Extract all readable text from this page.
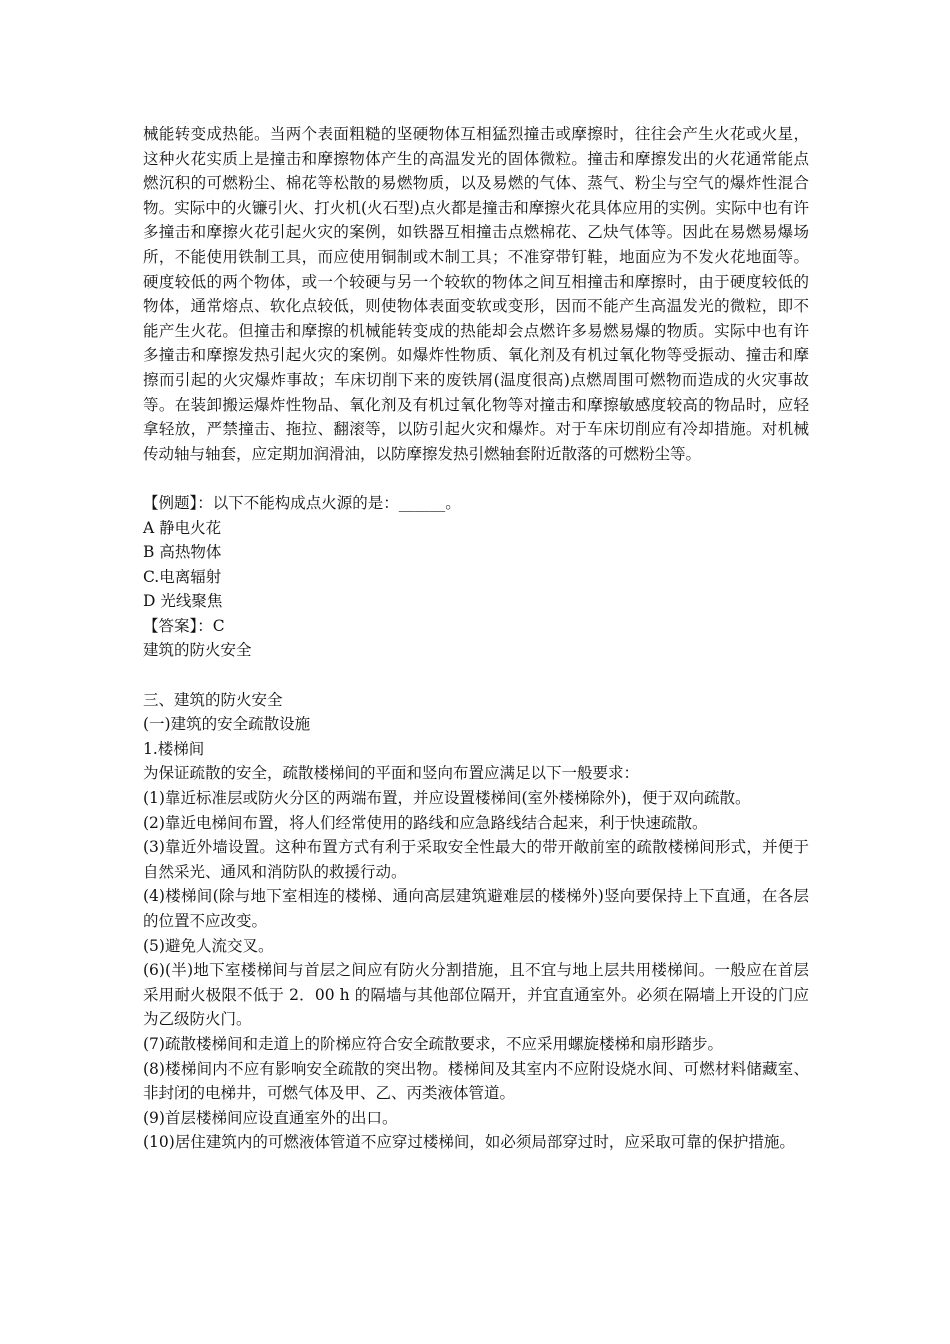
械能转变成热能。当两个表面粗糙的坚硬物体互相猛烈撞击或摩擦时，往往会产生火花或火星，这种火花实质上是撞击和摩擦物体产生的高温发光的固体微粒。撞击和摩擦发出的火花通常能点燃沉积的可燃粉尘、棉花等松散的易燃物质，以及易燃的气体、蒸气、粉尘与空气的爆炸性混合物。实际中的火镰引火、打火机(火石型)点火都是撞击和摩擦火花具体应用的实例。实际中也有许多撞击和摩擦火花引起火灾的案例，如铁器互相撞击点燃棉花、乙炔气体等。因此在易燃易爆场所，不能使用铁制工具，而应使用铜制或木制工具；不准穿带钉鞋，地面应为不发火花地面等。硬度较低的两个物体，或一个较硬与另一个较软的物体之间互相撞击和摩擦时，由于硬度较低的物体，通常熔点、软化点较低，则使物体表面变软或变形，因而不能产生高温发光的微粒，即不能产生火花。但撞击和摩擦的机械能转变成的热能却会点燃许多易燃易爆的物质。实际中也有许多撞击和摩擦发热引起火灾的案例。如爆炸性物质、氧化剂及有机过氧化物等受振动、撞击和摩擦而引起的火灾爆炸事故；车床切削下来的废铁屑(温度很高)点燃周围可燃物而造成的火灾事故等。在装卸搬运爆炸性物品、氧化剂及有机过氧化物等对撞击和摩擦敏感度较高的物品时，应轻拿轻放，严禁撞击、拖拉、翻滚等，以防引起火灾和爆炸。对于车床切削应有冷却措施。对机械传动轴与轴套，应定期加润滑油，以防摩擦发热引燃轴套附近散落的可燃粉尘等。

【例题】：以下不能构成点火源的是：______。

A 静电火花

B 高热物体

C.电离辐射

D 光线聚焦

【答案】：C

建筑的防火安全

三、建筑的防火安全

(一)建筑的安全疏散设施

1.楼梯间

为保证疏散的安全，疏散楼梯间的平面和竖向布置应满足以下一般要求：

(1)靠近标准层或防火分区的两端布置，并应设置楼梯间(室外楼梯除外)，便于双向疏散。

(2)靠近电梯间布置，将人们经常使用的路线和应急路线结合起来，利于快速疏散。

(3)靠近外墙设置。这种布置方式有利于采取安全性最大的带开敞前室的疏散楼梯间形式，并便于自然采光、通风和消防队的救援行动。

(4)楼梯间(除与地下室相连的楼梯、通向高层建筑避难层的楼梯外)竖向要保持上下直通，在各层的位置不应改变。

(5)避免人流交叉。

(6)(半)地下室楼梯间与首层之间应有防火分割措施，且不宜与地上层共用楼梯间。一般应在首层采用耐火极限不低于 2．00 h 的隔墙与其他部位隔开，并宜直通室外。必须在隔墙上开设的门应为乙级防火门。

(7)疏散楼梯间和走道上的阶梯应符合安全疏散要求，不应采用螺旋楼梯和扇形踏步。

(8)楼梯间内不应有影响安全疏散的突出物。楼梯间及其室内不应附设烧水间、可燃材料储藏室、非封闭的电梯井，可燃气体及甲、乙、丙类液体管道。

(9)首层楼梯间应设直通室外的出口。

(10)居住建筑内的可燃液体管道不应穿过楼梯间，如必须局部穿过时，应采取可靠的保护措施。
